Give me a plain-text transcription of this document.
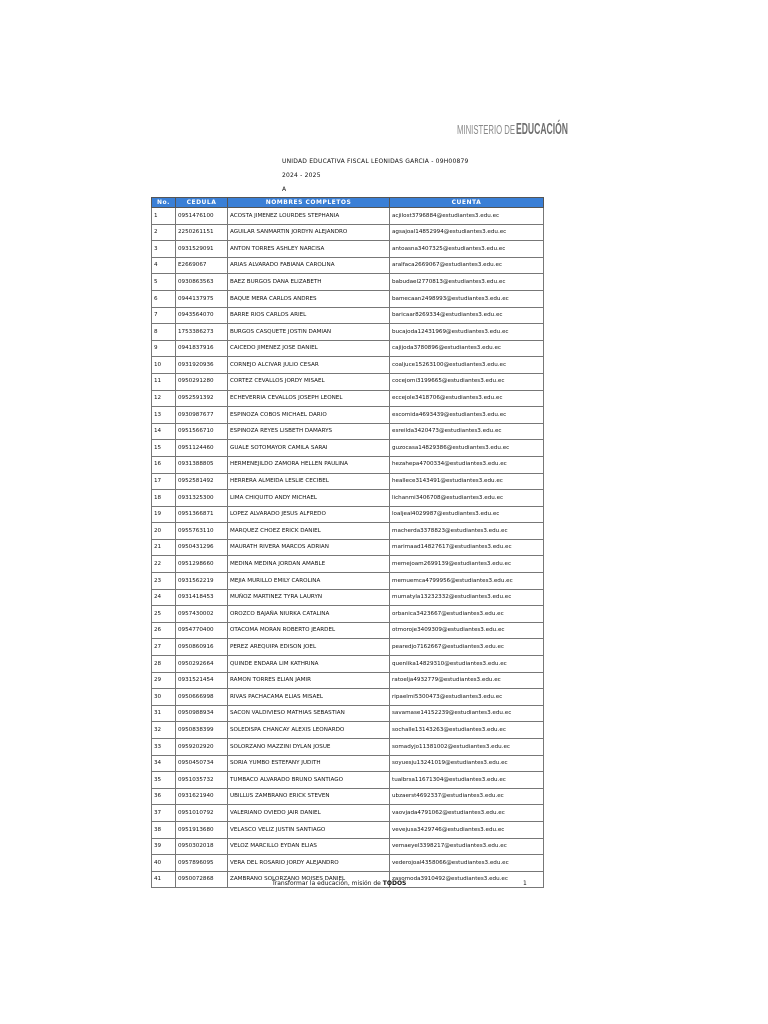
MINISTERIO DE EDUCA
UNIDAD EDUCATIVA FISCAL LEONIDAS GARCIA - 09H00879
2024 - 2025
A
No.	CEDULA	NOMBRES COMPLETOS	CUENTA
1	0951476100	ACOSTA JIMENEZ LOURDES STEPHANIA	acjilost3796884@estudiantes3.edu.ec
2	2250261151	AGUILAR SANMARTIN JORDYN ALEJANDRO	agsajoal14852994@estudiantes3.edu.ec
3	0931529091	ANTON TORRES ASHLEY NARCISA	antoasna3407325@estudiantes3.edu.ec
4	E2669067	ARIAS ALVARADO FABIANA CAROLINA	aralfaca2669067@estudiantes3.edu.ec
5	0930863563	BAEZ BURGOS DANA ELIZABETH	babudael2770813@estudiantes3.edu.ec
6	0944137975	BAQUE MERA CARLOS ANDRES	bamecaan2498993@estudiantes3.edu.ec
7	0943564070	BARRE RIOS CARLOS ARIEL	baricaar8269334@estudiantes3.edu.ec
8	1753386273	BURGOS CASQUETE JOSTIN DAMIAN	bucajoda12431969@estudiantes3.edu.ec
9	0941837916	CAICEDO JIMENEZ JOSE DANIEL	cajijoda3780896@estudiantes3.edu.ec
10	0931920936	CORNEJO ALCIVAR JULIO CESAR	coaljuce15263100@estudiantes3.edu.ec
11	0950291280	CORTEZ CEVALLOS JORDY MISAEL	cocejomi3199665@estudiantes3.edu.ec
12	0952591392	ECHEVERRIA CEVALLOS JOSEPH LEONEL	eccejole3418706@estudiantes3.edu.ec
13	0930987677	ESPINOZA COBOS MICHAEL DARIO	escomida4693439@estudiantes3.edu.ec
14	0951566710	ESPINOZA REYES LISBETH DAMARYS	esreilda3420473@estudiantes3.edu.ec
15	0951124460	GUALE SOTOMAYOR CAMILA SARAI	guzocasa14829386@estudiantes3.edu.ec
16	0931388805	HERMENEJILDO ZAMORA HELLEN PAULINA	hezahepa4700334@estudiantes3.edu.ec
17	0952581492	HERRERA ALMEIDA LESLIE CECIBEL	heallece3143491@estudiantes3.edu.ec
18	0931325300	LIMA CHIQUITO ANDY MICHAEL	lichanmi3406708@estudiantes3.edu.ec
19	0951366871	LOPEZ ALVARADO JESUS ALFREDO	loaljeal4029987@estudiantes3.edu.ec
20	0955763110	MARQUEZ CHOEZ ERICK DANIEL	macherda3378823@estudiantes3.edu.ec
21	0950431296	MAURATH RIVERA MARCOS ADRIAN	marimaad14827617@estudiantes3.edu.ec
22	0951298660	MEDINA MEDINA JORDAN AMABLE	memejoam2699139@estudiantes3.edu.ec
23	0931562219	MEJIA MURILLO EMILY CAROLINA	memuemca4799956@estudiantes3.edu.ec
24	0931418453	MUÑOZ MARTINEZ TYRA LAURYN	mumatyla13232332@estudiantes3.edu.ec
25	0957430002	OROZCO BAJAÑA NIURKA CATALINA	orbanica3423667@estudiantes3.edu.ec
26	0954770400	OTACOMA MORAN ROBERTO JEARDEL	otmoroje3409309@estudiantes3.edu.ec
27	0950860916	PEREZ AREQUIPA EDISON JOEL	pearedjo7162667@estudiantes3.edu.ec
28	0950292664	QUINDE ENDARA LIM KATHRINA	quenlika14829310@estudiantes3.edu.ec
29	0931521454	RAMON TORRES ELIAN JAMIR	ratoelja4932779@estudiantes3.edu.ec
30	0950666998	RIVAS PACHACAMA ELIAS MISAEL	ripaelmi5300473@estudiantes3.edu.ec
31	0950988934	SACON VALDIVIESO MATHIAS SEBASTIAN	savamase14152239@estudiantes3.edu.ec
32	0950838399	SOLEDISPA CHANCAY ALEXIS LEONARDO	sochalle13143263@estudiantes3.edu.ec
33	0959202920	SOLORZANO MAZZINI DYLAN JOSUE	somadyjo11381002@estudiantes3.edu.ec
34	0950450734	SORIA YUMBO ESTEFANY JUDITH	soyuesju13241019@estudiantes3.edu.ec
35	0951035732	TUMBACO ALVARADO BRUNO SANTIAGO	tualbrsa11671304@estudiantes3.edu.ec
36	0931621940	UBILLUS ZAMBRANO ERICK STEVEN	ubzaerst4692337@estudiantes3.edu.ec
37	0951010792	VALERIANO OVIEDO JAIR DANIEL	vaovjada4791062@estudiantes3.edu.ec
38	0951913680	VELASCO VELIZ JUSTIN SANTIAGO	vevejusa3429746@estudiantes3.edu.ec
39	0950302018	VELOZ MARCILLO EYDAN ELIAS	vemaeyel3398217@estudiantes3.edu.ec
40	0957896095	VERA DEL ROSARIO JORDY ALEJANDRO	vederojoal4358066@estudiantes3.edu.ec
41	0950072868	ZAMBRANO SOLORZANO MOISES DANIEL	zasomoda3910492@estudiantes3.edu.ec
Transformar la educación, misión de TODOS	1
